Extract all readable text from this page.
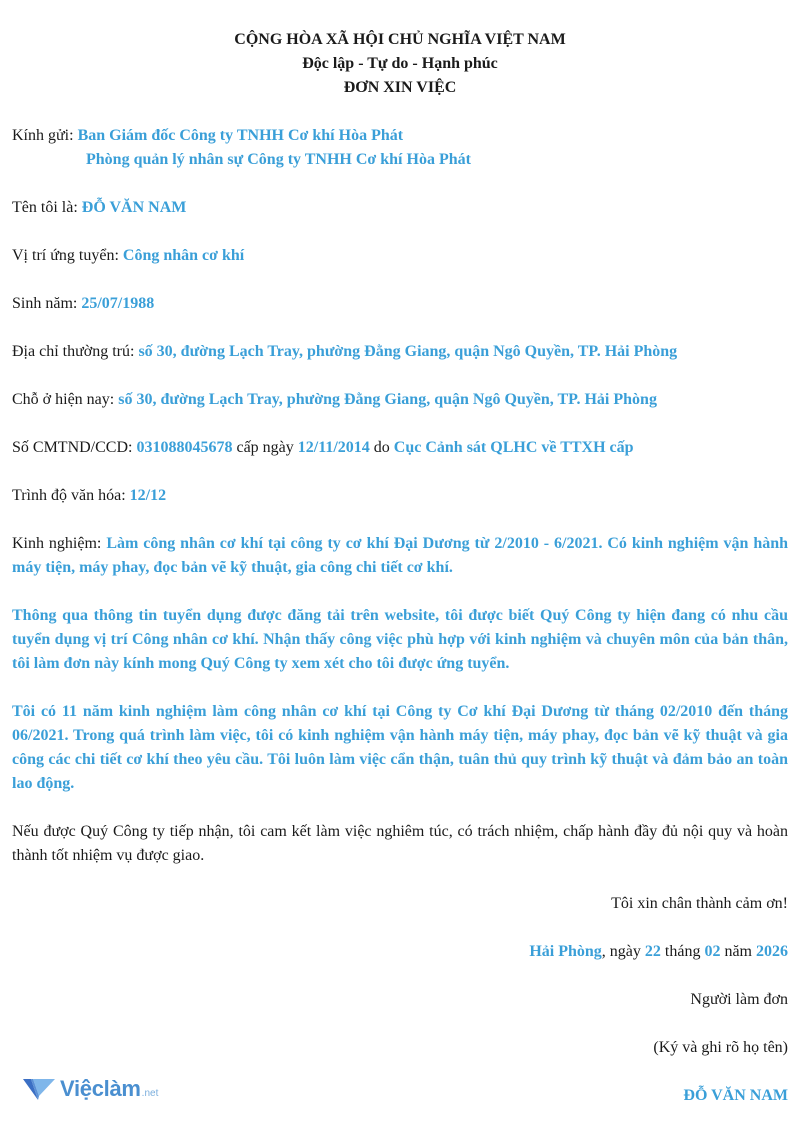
CỘNG HÒA XÃ HỘI CHỦ NGHĨA VIỆT NAM
Độc lập - Tự do - Hạnh phúc
ĐƠN XIN VIỆC
Kính gửi: Ban Giám đốc Công ty TNHH Cơ khí Hòa Phát
Phòng quản lý nhân sự Công ty TNHH Cơ khí Hòa Phát
Tên tôi là: ĐỖ VĂN NAM
Vị trí ứng tuyển: Công nhân cơ khí
Sinh năm: 25/07/1988
Địa chỉ thường trú: số 30, đường Lạch Tray, phường Đằng Giang, quận Ngô Quyền, TP. Hải Phòng
Chỗ ở hiện nay: số 30, đường Lạch Tray, phường Đằng Giang, quận Ngô Quyền, TP. Hải Phòng
Số CMTND/CCD: 031088045678 cấp ngày 12/11/2014 do Cục Cảnh sát QLHC về TTXH cấp
Trình độ văn hóa: 12/12
Kinh nghiệm: Làm công nhân cơ khí tại công ty cơ khí Đại Dương từ 2/2010 - 6/2021. Có kinh nghiệm vận hành máy tiện, máy phay, đọc bản vẽ kỹ thuật, gia công chi tiết cơ khí.
Thông qua thông tin tuyển dụng được đăng tải trên website, tôi được biết Quý Công ty hiện đang có nhu cầu tuyển dụng vị trí Công nhân cơ khí. Nhận thấy công việc phù hợp với kinh nghiệm và chuyên môn của bản thân, tôi làm đơn này kính mong Quý Công ty xem xét cho tôi được ứng tuyển.
Tôi có 11 năm kinh nghiệm làm công nhân cơ khí tại Công ty Cơ khí Đại Dương từ tháng 02/2010 đến tháng 06/2021. Trong quá trình làm việc, tôi có kinh nghiệm vận hành máy tiện, máy phay, đọc bản vẽ kỹ thuật và gia công các chi tiết cơ khí theo yêu cầu. Tôi luôn làm việc cẩn thận, tuân thủ quy trình kỹ thuật và đảm bảo an toàn lao động.
Nếu được Quý Công ty tiếp nhận, tôi cam kết làm việc nghiêm túc, có trách nhiệm, chấp hành đầy đủ nội quy và hoàn thành tốt nhiệm vụ được giao.
Tôi xin chân thành cảm ơn!
Hải Phòng, ngày 22 tháng 02 năm 2026
Người làm đơn
(Ký và ghi rõ họ tên)
ĐỖ VĂN NAM
Việclàm .net
